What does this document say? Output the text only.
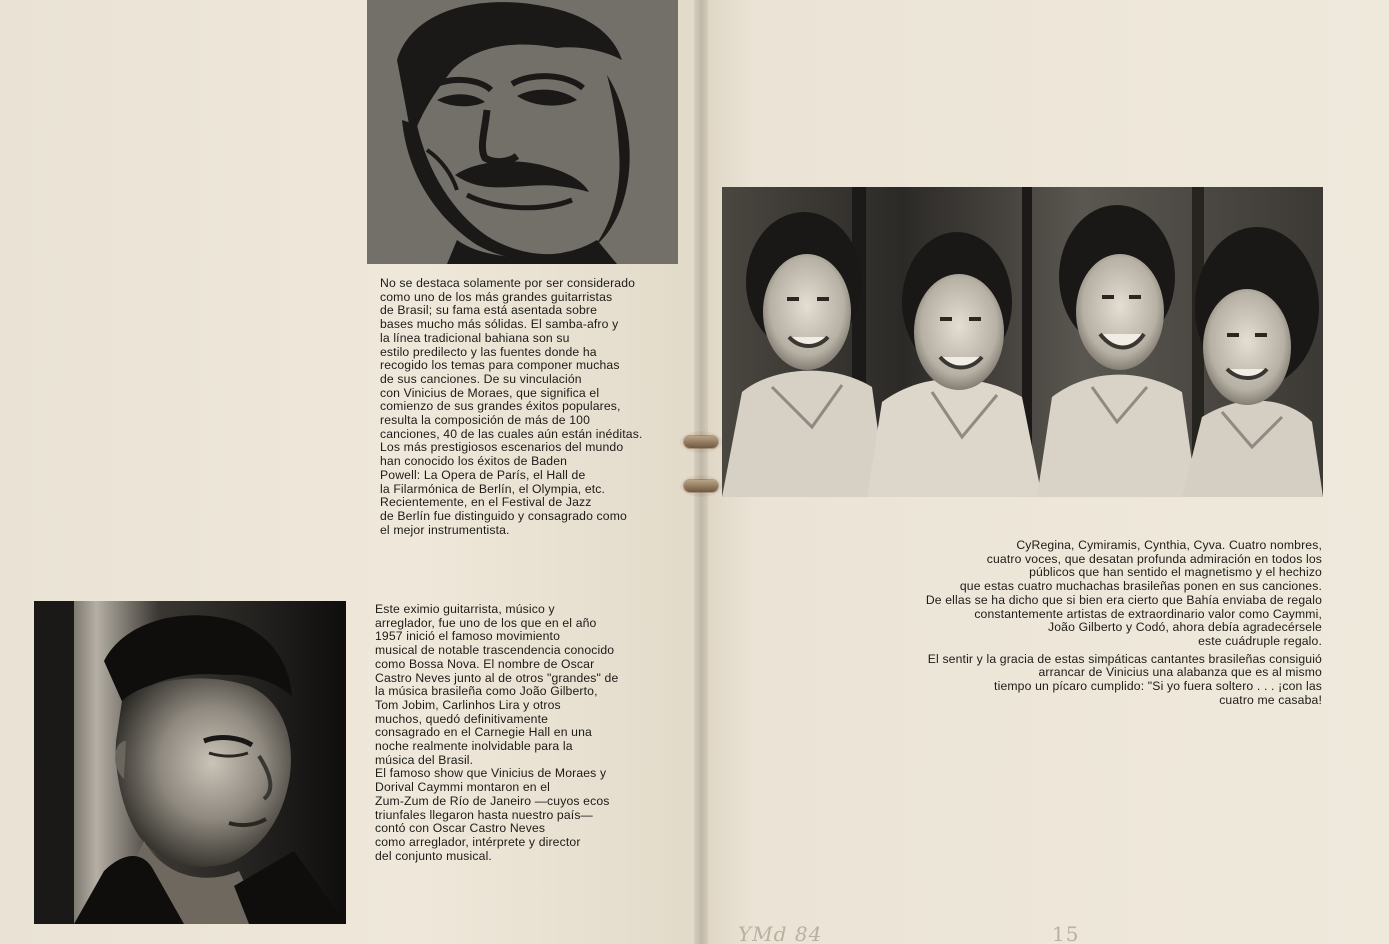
No se destaca solamente por ser considerado
como uno de los más grandes guitarristas
de Brasil; su fama está asentada sobre
bases mucho más sólidas. El samba-afro y
la línea tradicional bahiana son su
estilo predilecto y las fuentes donde ha
recogido los temas para componer muchas
de sus canciones. De su vinculación
con Vinicius de Moraes, que significa el
comienzo de sus grandes éxitos populares,
resulta la composición de más de 100
canciones, 40 de las cuales aún están inéditas.
Los más prestigiosos escenarios del mundo
han conocido los éxitos de Baden
Powell: La Opera de París, el Hall de
la Filarmónica de Berlín, el Olympia, etc.
Recientemente, en el Festival de Jazz
de Berlín fue distinguido y consagrado como
el mejor instrumentista.
Este eximio guitarrista, músico y
arreglador, fue uno de los que en el año
1957 inició el famoso movimiento
musical de notable trascendencia conocido
como Bossa Nova. El nombre de Oscar
Castro Neves junto al de otros "grandes" de
la música brasileña como João Gilberto,
Tom Jobim, Carlinhos Lira y otros
muchos, quedó definitivamente
consagrado en el Carnegie Hall en una
noche realmente inolvidable para la
música del Brasil.
El famoso show que Vinicius de Moraes y
Dorival Caymmi montaron en el
Zum-Zum de Río de Janeiro —cuyos ecos
triunfales llegaron hasta nuestro país—
contó con Oscar Castro Neves
como arreglador, intérprete y director
del conjunto musical.
CyRegina, Cymiramis, Cynthia, Cyva. Cuatro nombres,
cuatro voces, que desatan profunda admiración en todos los
públicos que han sentido el magnetismo y el hechizo
que estas cuatro muchachas brasileñas ponen en sus canciones.
De ellas se ha dicho que si bien era cierto que Bahía enviaba de regalo
constantemente artistas de extraordinario valor como Caymmi,
João Gilberto y Codó, ahora debía agradecérsele
este cuádruple regalo.
El sentir y la gracia de estas simpáticas cantantes brasileñas consiguió
arrancar de Vinicius una alabanza que es al mismo
tiempo un pícaro cumplido: "Si yo fuera soltero . . . ¡con las
cuatro me casaba!
YMd 84	15
